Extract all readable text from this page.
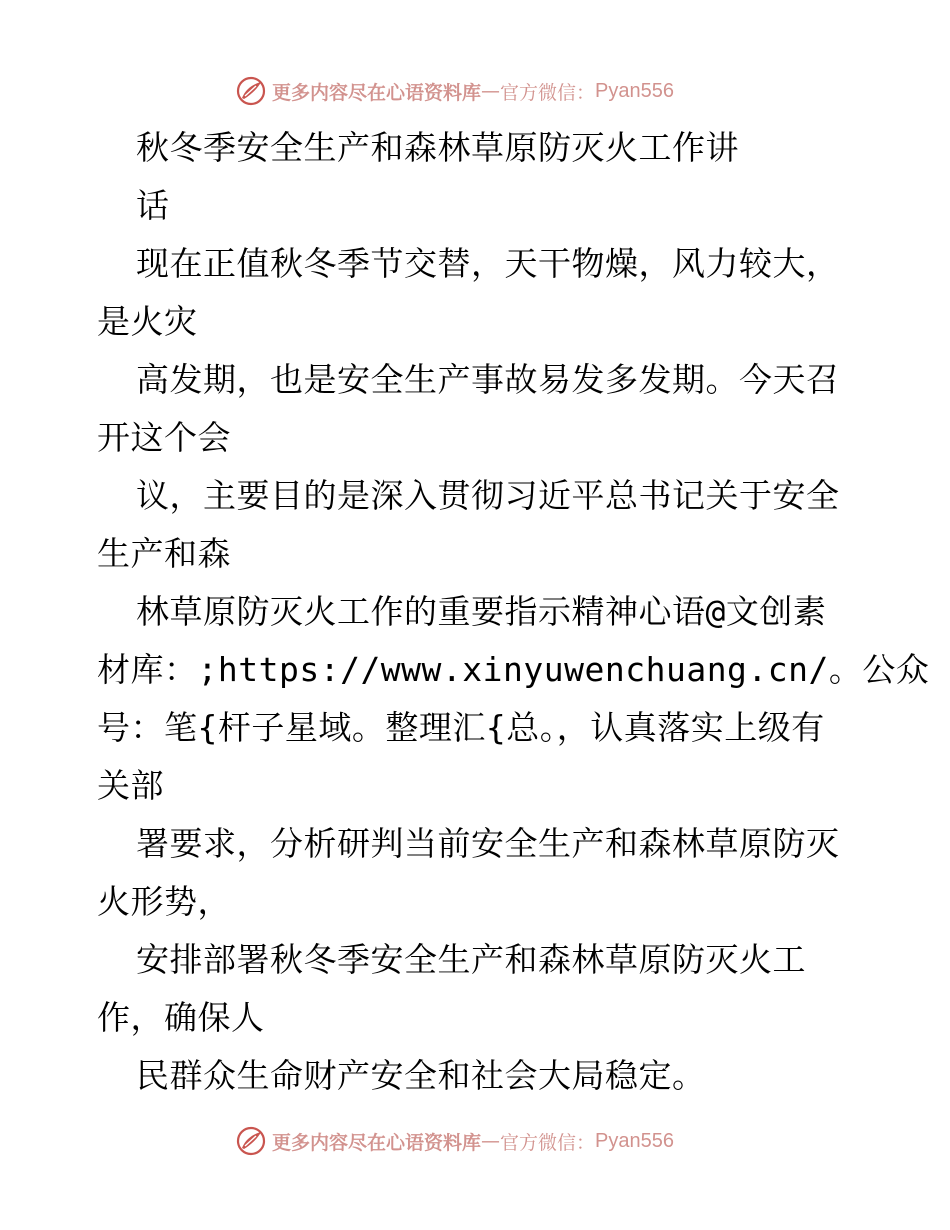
更多内容尽在心语资料库 — 官方微信： Pyan556
秋冬季安全生产和森林草原防灭火工作讲
话
现在正值秋冬季节交替，天干物燥，风力较大，
是火灾
高发期，也是安全生产事故易发多发期。今天召
开这个会
议，主要目的是深入贯彻习近平总书记关于安全
生产和森
林草原防灭火工作的重要指示精神心语@文创素
材库：;https://www.xinyuwenchuang.cn/。公众
号：笔{杆子星域。整理汇{总。，认真落实上级有
关部
署要求，分析研判当前安全生产和森林草原防灭
火形势，
安排部署秋冬季安全生产和森林草原防灭火工
作，确保人
民群众生命财产安全和社会大局稳定。
更多内容尽在心语资料库 — 官方微信： Pyan556
